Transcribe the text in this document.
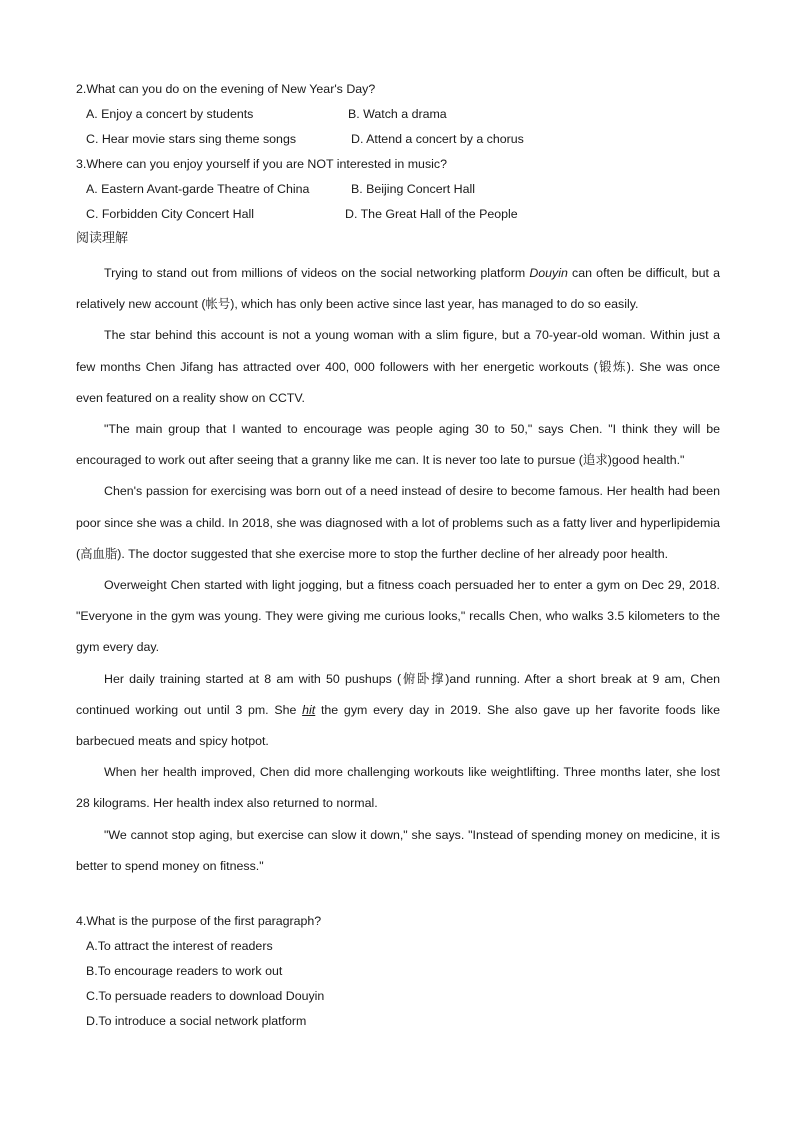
2.What can you do on the evening of New Year's Day?
A. Enjoy a concert by students	B. Watch a drama
C. Hear movie stars sing theme songs	D. Attend a concert by a chorus
3.Where can you enjoy yourself if you are NOT interested in music?
A. Eastern Avant-garde Theatre of China	B. Beijing Concert Hall
C. Forbidden City Concert Hall	D. The Great Hall of the People
阅读理解

Trying to stand out from millions of videos on the social networking platform Douyin can often be difficult, but a relatively new account (帐号), which has only been active since last year, has managed to do so easily.

The star behind this account is not a young woman with a slim figure, but a 70-year-old woman. Within just a few months Chen Jifang has attracted over 400, 000 followers with her energetic workouts (锻炼). She was once even featured on a reality show on CCTV.

"The main group that I wanted to encourage was people aging 30 to 50," says Chen. "I think they will be encouraged to work out after seeing that a granny like me can. It is never too late to pursue (追求)good health."

Chen's passion for exercising was born out of a need instead of desire to become famous. Her health had been poor since she was a child. In 2018, she was diagnosed with a lot of problems such as a fatty liver and hyperlipidemia (高血脂). The doctor suggested that she exercise more to stop the further decline of her already poor health.

Overweight Chen started with light jogging, but a fitness coach persuaded her to enter a gym on Dec 29, 2018. "Everyone in the gym was young. They were giving me curious looks," recalls Chen, who walks 3.5 kilometers to the gym every day.

Her daily training started at 8 am with 50 pushups (俯卧撑)and running. After a short break at 9 am, Chen continued working out until 3 pm. She hit the gym every day in 2019. She also gave up her favorite foods like barbecued meats and spicy hotpot.

When her health improved, Chen did more challenging workouts like weightlifting. Three months later, she lost 28 kilograms. Her health index also returned to normal.

"We cannot stop aging, but exercise can slow it down," she says. "Instead of spending money on medicine, it is better to spend money on fitness."

4.What is the purpose of the first paragraph?
A.To attract the interest of readers
B.To encourage readers to work out
C.To persuade readers to download Douyin
D.To introduce a social network platform
